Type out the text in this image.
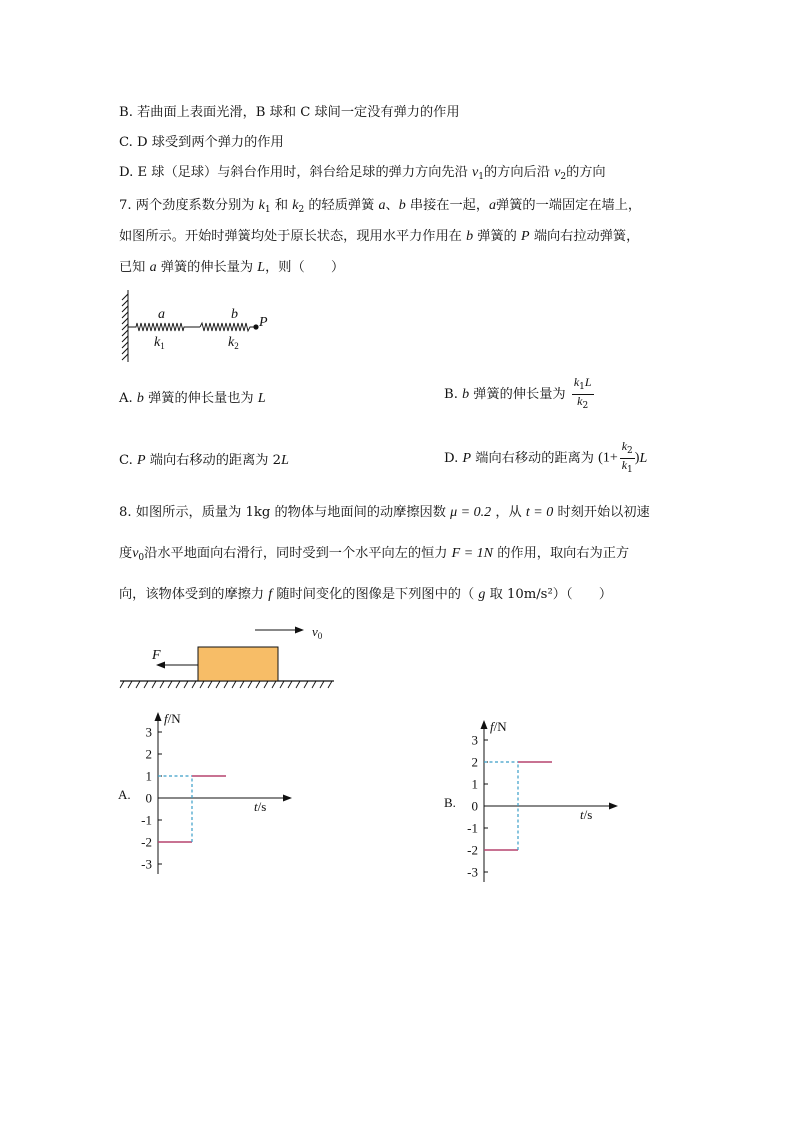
B. 若曲面上表面光滑，B 球和 C 球间一定没有弹力的作用
C. D 球受到两个弹力的作用
D. E 球（足球）与斜台作用时，斜台给足球的弹力方向先沿 $v_1$的方向后沿 $v_2$的方向
7. 两个劲度系数分别为 $k_1$ 和 $k_2$ 的轻质弹簧 a、b 串接在一起，a弹簧的一端固定在墙上，
如图所示。开始时弹簧均处于原长状态，现用水平力作用在 b 弹簧的 P 端向右拉动弹簧，
已知 a 弹簧的伸长量为 L，则（　　）
a	b
P
$k_1$	$k_2$
A. b 弹簧的伸长量也为 L	B. b 弹簧的伸长量为 $\frac{k_1L}{k_2}$
C. P 端向右移动的距离为 2L	D. P 端向右移动的距离为 $(1+ \frac{k_2}{k_1} )L$
8. 如图所示，质量为 1kg 的物体与地面间的动摩擦因数 μ = 0.2 ，从 t = 0 时刻开始以初速
度$v_0$沿水平地面向右滑行，同时受到一个水平向左的恒力 F = 1N 的作用，取向右为正方
向，该物体受到的摩擦力 f 随时间变化的图像是下列图中的（ g 取 10m/s²）（　　）
F
$v_0$
3
2
1
0
-1
-2
-3
f/N
t/s
A.
3
2
1
0
-1
-2
-3
f/N
t/s
B.
